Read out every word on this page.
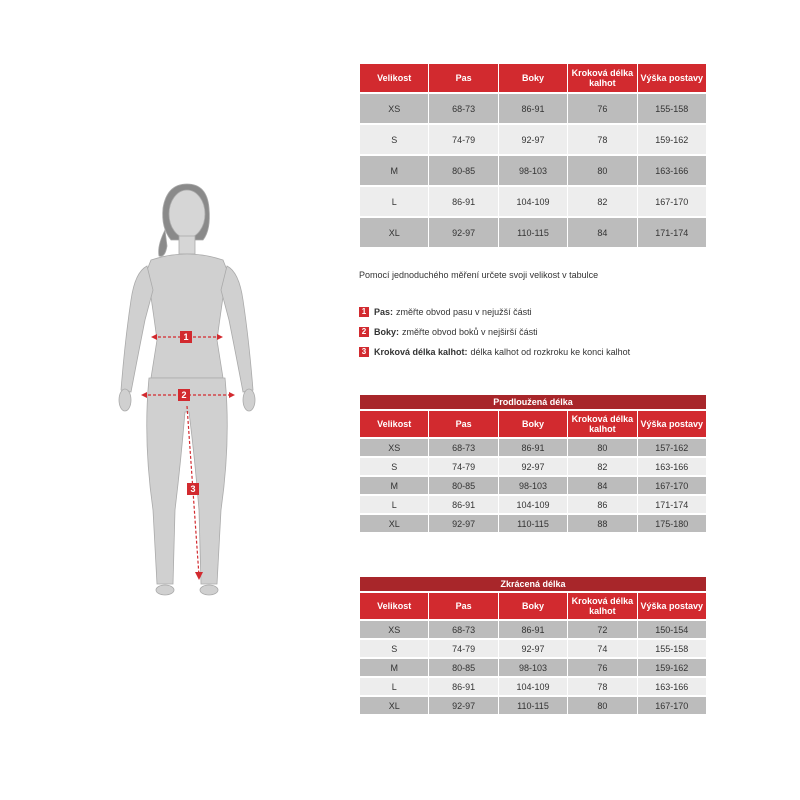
1
2
3
Velikost	Pas	Boky	Kroková délka kalhot	Výška postavy
XS	68-73	86-91	76	155-158
S	74-79	92-97	78	159-162
M	80-85	98-103	80	163-166
L	86-91	104-109	82	167-170
XL	92-97	110-115	84	171-174
Pomocí jednoduchého měření určete svoji velikost v tabulce
1 Pas: změřte obvod pasu v nejužší části
2 Boky: změřte obvod boků v nejširší části
3 Kroková délka kalhot: délka kalhot od rozkroku ke konci kalhot
Prodloužená délka				
Velikost	Pas	Boky	Kroková délka kalhot	Výška postavy
XS	68-73	86-91	80	157-162
S	74-79	92-97	82	163-166
M	80-85	98-103	84	167-170
L	86-91	104-109	86	171-174
XL	92-97	110-115	88	175-180
Zkrácená délka				
Velikost	Pas	Boky	Kroková délka kalhot	Výška postavy
XS	68-73	86-91	72	150-154
S	74-79	92-97	74	155-158
M	80-85	98-103	76	159-162
L	86-91	104-109	78	163-166
XL	92-97	110-115	80	167-170
